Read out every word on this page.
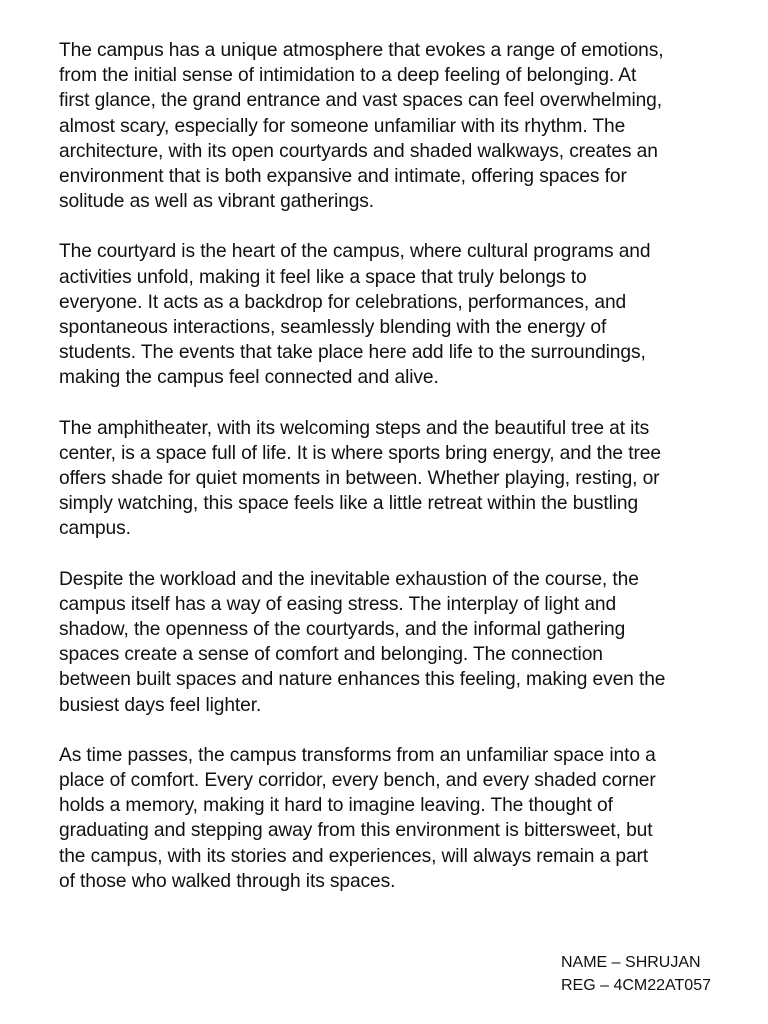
The campus has a unique atmosphere that evokes a range of emotions,
from the initial sense of intimidation to a deep feeling of belonging. At
first glance, the grand entrance and vast spaces can feel overwhelming,
almost scary, especially for someone unfamiliar with its rhythm. The
architecture, with its open courtyards and shaded walkways, creates an
environment that is both expansive and intimate, offering spaces for
solitude as well as vibrant gatherings.

The courtyard is the heart of the campus, where cultural programs and
activities unfold, making it feel like a space that truly belongs to
everyone. It acts as a backdrop for celebrations, performances, and
spontaneous interactions, seamlessly blending with the energy of
students. The events that take place here add life to the surroundings,
making the campus feel connected and alive.

The amphitheater, with its welcoming steps and the beautiful tree at its
center, is a space full of life. It is where sports bring energy, and the tree
offers shade for quiet moments in between. Whether playing, resting, or
simply watching, this space feels like a little retreat within the bustling
campus.

Despite the workload and the inevitable exhaustion of the course, the
campus itself has a way of easing stress. The interplay of light and
shadow, the openness of the courtyards, and the informal gathering
spaces create a sense of comfort and belonging. The connection
between built spaces and nature enhances this feeling, making even the
busiest days feel lighter.

As time passes, the campus transforms from an unfamiliar space into a
place of comfort. Every corridor, every bench, and every shaded corner
holds a memory, making it hard to imagine leaving. The thought of
graduating and stepping away from this environment is bittersweet, but
the campus, with its stories and experiences, will always remain a part
of those who walked through its spaces.

NAME – SHRUJAN
REG – 4CM22AT057
